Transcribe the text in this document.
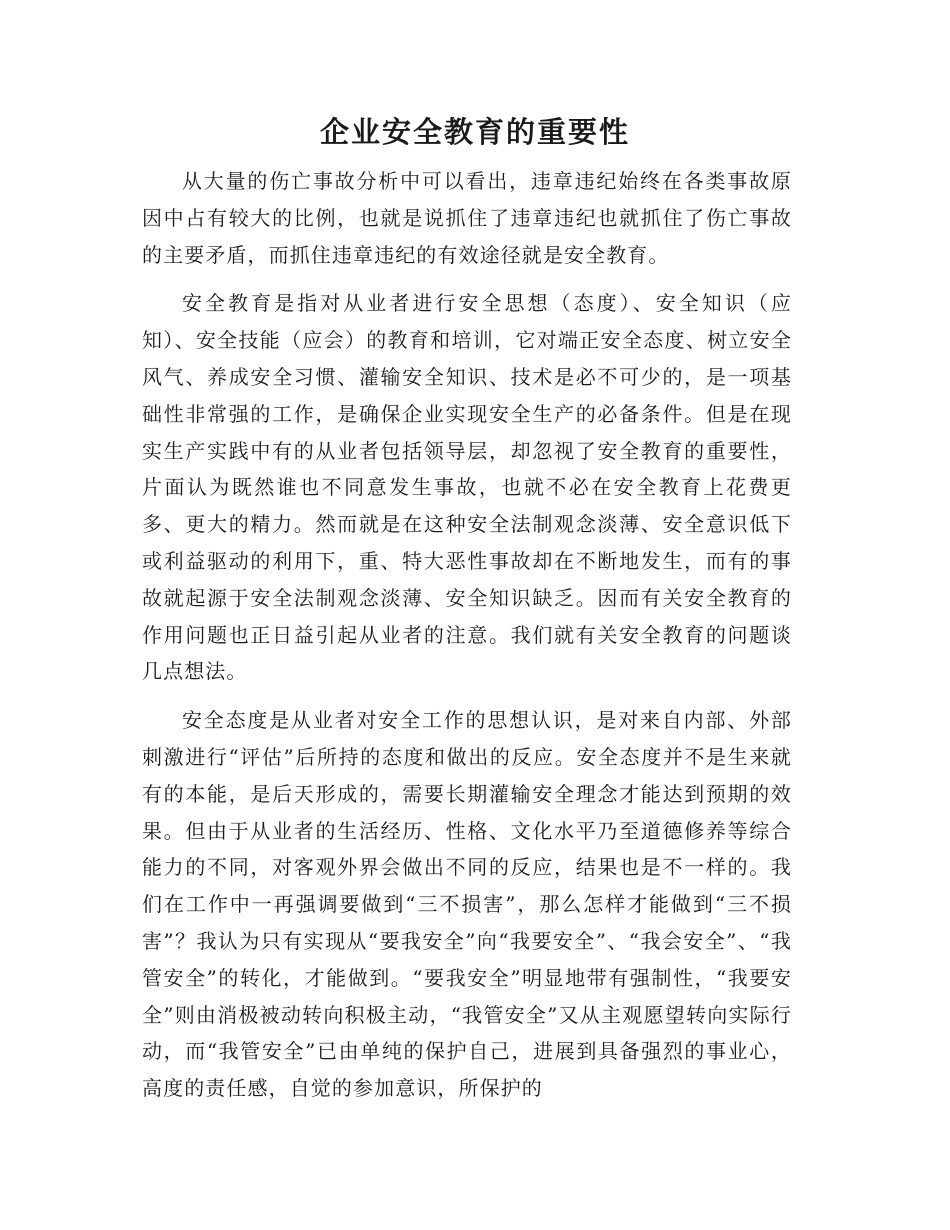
企业安全教育的重要性

从大量的伤亡事故分析中可以看出，违章违纪始终在各类事故原因中占有较大的比例，也就是说抓住了违章违纪也就抓住了伤亡事故的主要矛盾，而抓住违章违纪的有效途径就是安全教育。

安全教育是指对从业者进行安全思想（态度）、安全知识（应知）、安全技能（应会）的教育和培训，它对端正安全态度、树立安全风气、养成安全习惯、灌输安全知识、技术是必不可少的，是一项基础性非常强的工作，是确保企业实现安全生产的必备条件。但是在现实生产实践中有的从业者包括领导层，却忽视了安全教育的重要性，片面认为既然谁也不同意发生事故，也就不必在安全教育上花费更多、更大的精力。然而就是在这种安全法制观念淡薄、安全意识低下或利益驱动的利用下，重、特大恶性事故却在不断地发生，而有的事故就起源于安全法制观念淡薄、安全知识缺乏。因而有关安全教育的作用问题也正日益引起从业者的注意。我们就有关安全教育的问题谈几点想法。

安全态度是从业者对安全工作的思想认识，是对来自内部、外部刺激进行“评估”后所持的态度和做出的反应。安全态度并不是生来就有的本能，是后天形成的，需要长期灌输安全理念才能达到预期的效果。但由于从业者的生活经历、性格、文化水平乃至道德修养等综合能力的不同，对客观外界会做出不同的反应，结果也是不一样的。我们在工作中一再强调要做到“三不损害”，那么怎样才能做到“三不损害”？我认为只有实现从“要我安全”向“我要安全”、“我会安全”、“我管安全”的转化，才能做到。“要我安全”明显地带有强制性，“我要安全”则由消极被动转向积极主动，“我管安全”又从主观愿望转向实际行动，而“我管安全”已由单纯的保护自己，进展到具备强烈的事业心，高度的责任感，自觉的参加意识，所保护的
